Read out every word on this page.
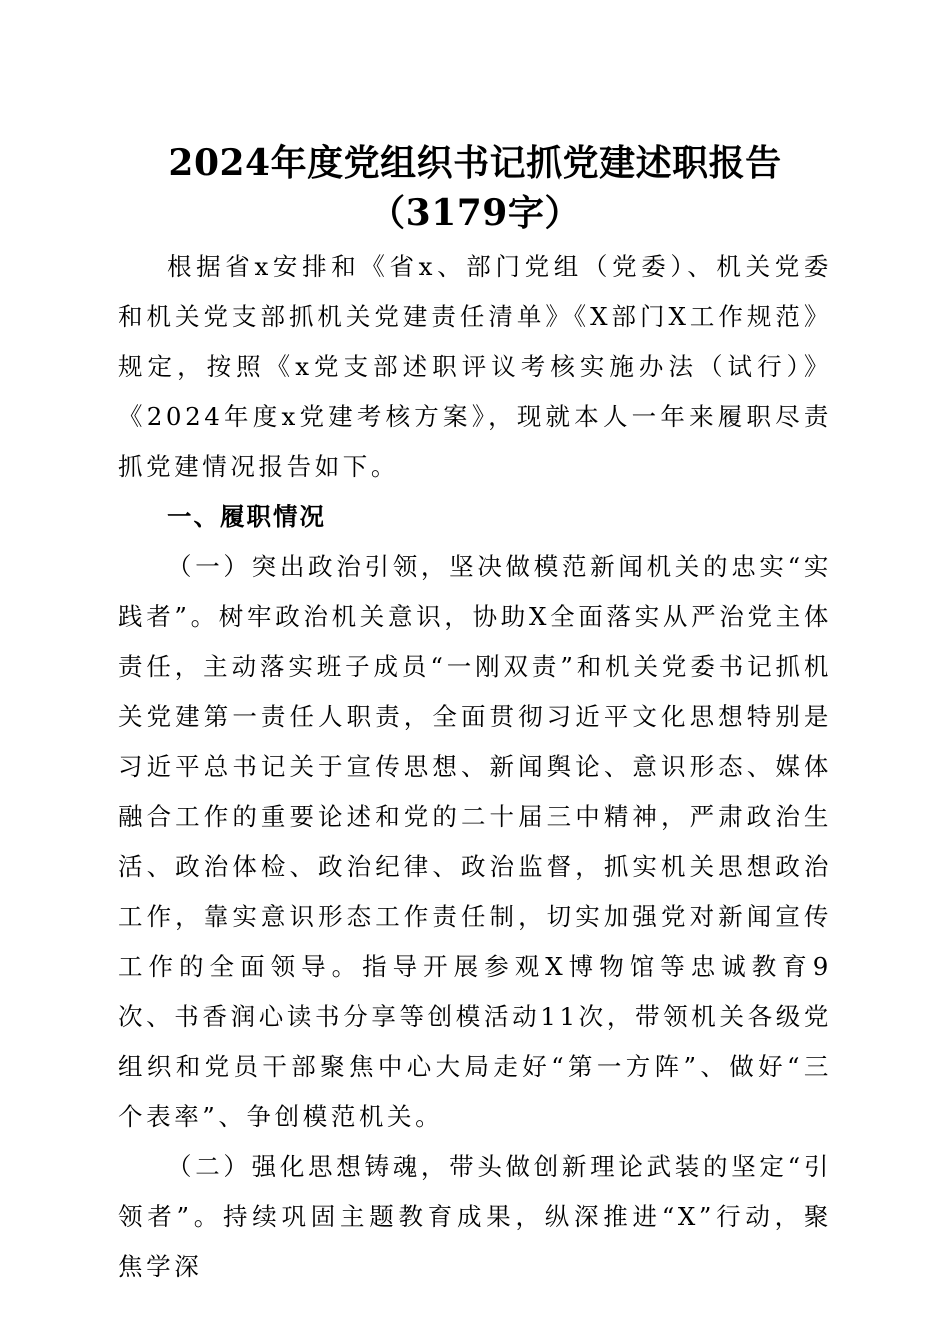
2024年度党组织书记抓党建述职报告（3179字）

根据省x安排和《省x、部门党组（党委）、机关党委和机关党支部抓机关党建责任清单》《X部门X工作规范》规定，按照《x党支部述职评议考核实施办法（试行）》《2024年度x党建考核方案》，现就本人一年来履职尽责抓党建情况报告如下。

一、履职情况

（一）突出政治引领，坚决做模范新闻机关的忠实“实践者”。树牢政治机关意识，协助X全面落实从严治党主体责任，主动落实班子成员“一刚双责”和机关党委书记抓机关党建第一责任人职责，全面贯彻习近平文化思想特别是习近平总书记关于宣传思想、新闻舆论、意识形态、媒体融合工作的重要论述和党的二十届三中精神，严肃政治生活、政治体检、政治纪律、政治监督，抓实机关思想政治工作，靠实意识形态工作责任制，切实加强党对新闻宣传工作的全面领导。指导开展参观X博物馆等忠诚教育9次、书香润心读书分享等创模活动11次，带领机关各级党组织和党员干部聚焦中心大局走好“第一方阵”、做好“三个表率”、争创模范机关。

（二）强化思想铸魂，带头做创新理论武装的坚定“引领者”。持续巩固主题教育成果，纵深推进“X”行动，聚焦学深
